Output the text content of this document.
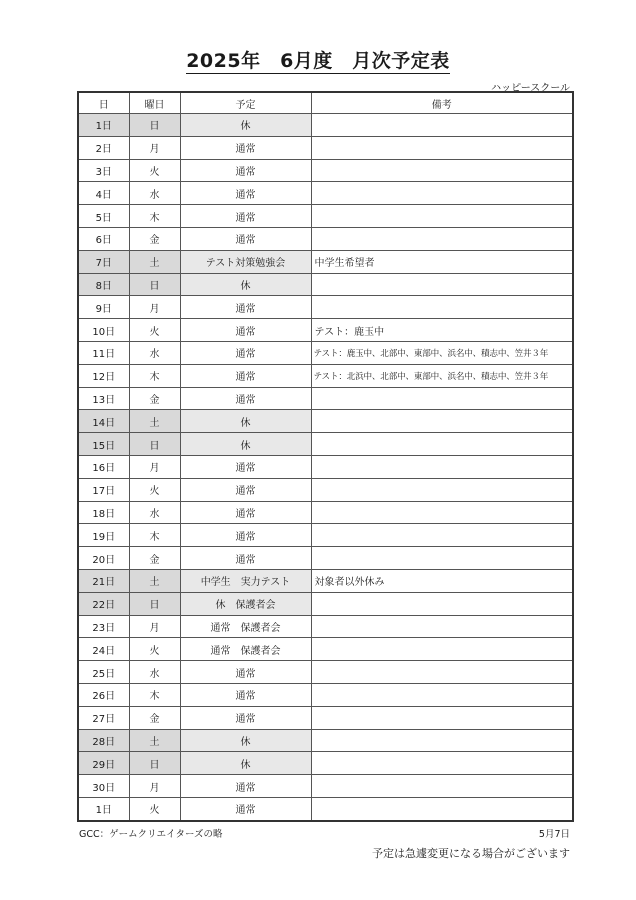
2025年　6月度　月次予定表
ハッピースクール
日	曜日	予定	備考
1日	日	休	
2日	月	通常	
3日	火	通常	
4日	水	通常	
5日	木	通常	
6日	金	通常	
7日	土	テスト対策勉強会	中学生希望者
8日	日	休	
9日	月	通常	
10日	火	通常	テスト：鹿玉中
11日	水	通常	テスト：鹿玉中、北部中、東部中、浜名中、積志中、笠井３年
12日	木	通常	テスト：北浜中、北部中、東部中、浜名中、積志中、笠井３年
13日	金	通常	
14日	土	休	
15日	日	休	
16日	月	通常	
17日	火	通常	
18日	水	通常	
19日	木	通常	
20日	金	通常	
21日	土	中学生　実力テスト	対象者以外休み
22日	日	休　保護者会	
23日	月	通常　保護者会	
24日	火	通常　保護者会	
25日	水	通常	
26日	木	通常	
27日	金	通常	
28日	土	休	
29日	日	休	
30日	月	通常	
1日	火	通常	
GCC：ゲームクリエイターズの略	5月7日
予定は急遽変更になる場合がございます
